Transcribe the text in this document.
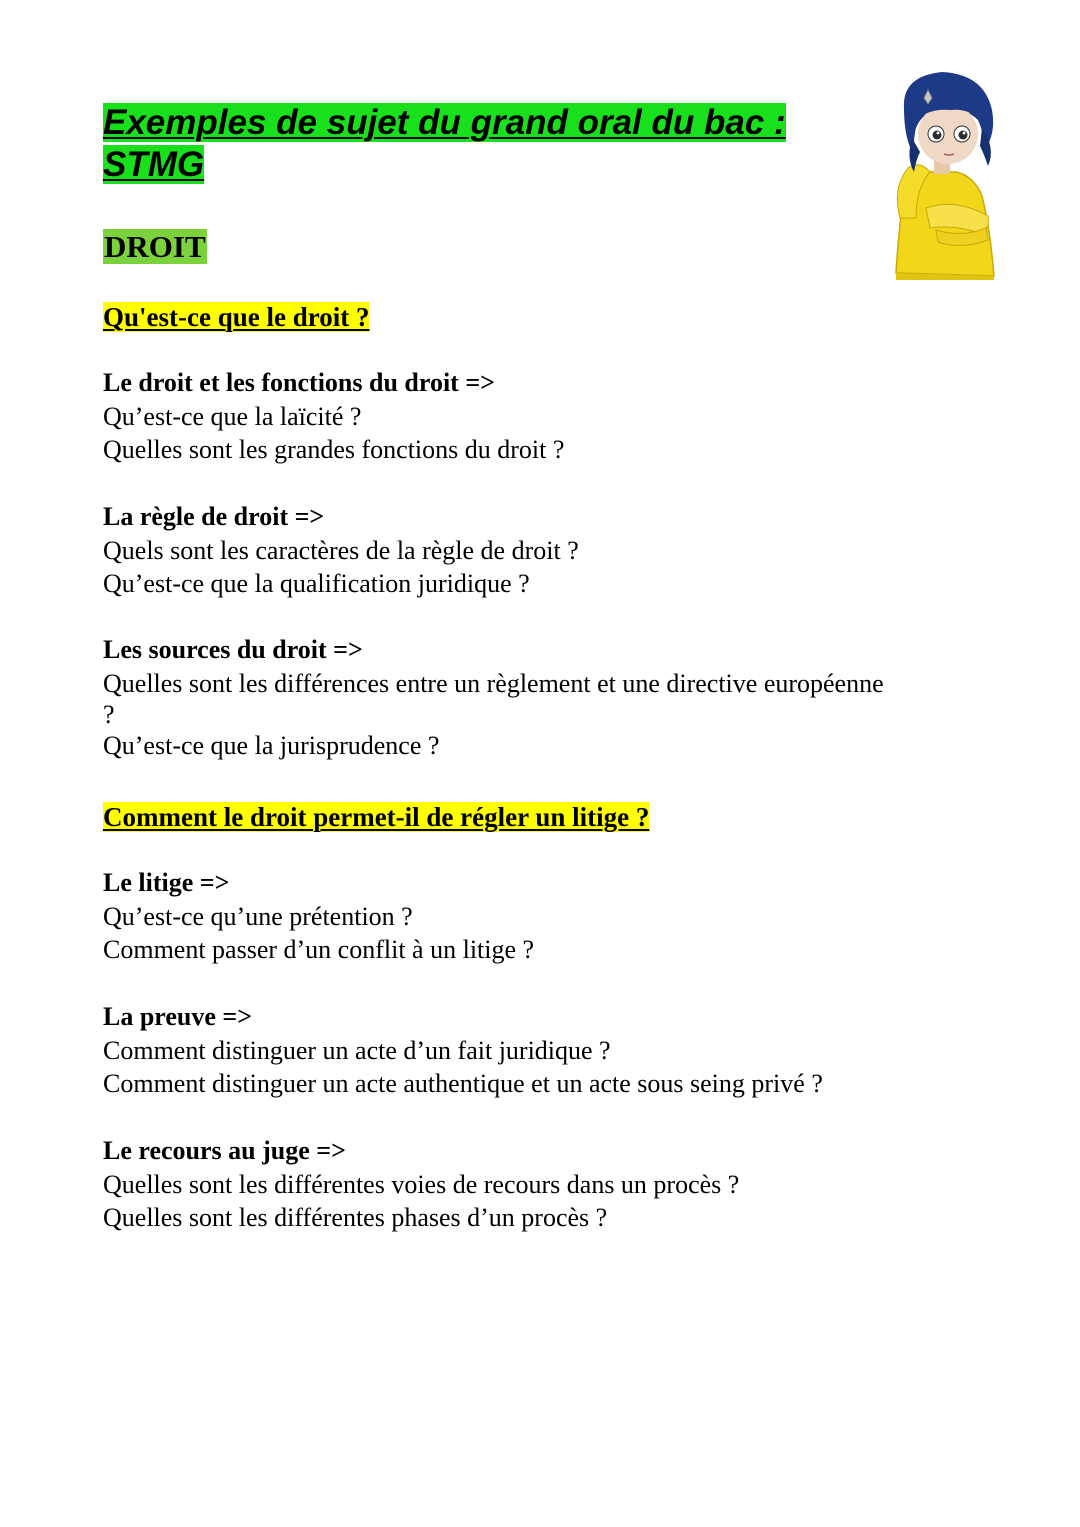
Exemples de sujet du grand oral du bac :
STMG
DROIT
Qu'est-ce que le droit ?
Le droit et les fonctions du droit =>
Qu’est-ce que la laïcité ?
Quelles sont les grandes fonctions du droit ?
La règle de droit =>
Quels sont les caractères de la règle de droit ?
Qu’est-ce que la qualification juridique ?
Les sources du droit =>
Quelles sont les différences entre un règlement et une directive européenne
?
Qu’est-ce que la jurisprudence ?
Comment le droit permet-il de régler un litige ?
Le litige =>
Qu’est-ce qu’une prétention ?
Comment passer d’un conflit à un litige ?
La preuve =>
Comment distinguer un acte d’un fait juridique ?
Comment distinguer un acte authentique et un acte sous seing privé ?
Le recours au juge =>
Quelles sont les différentes voies de recours dans un procès ?
Quelles sont les différentes phases d’un procès ?
